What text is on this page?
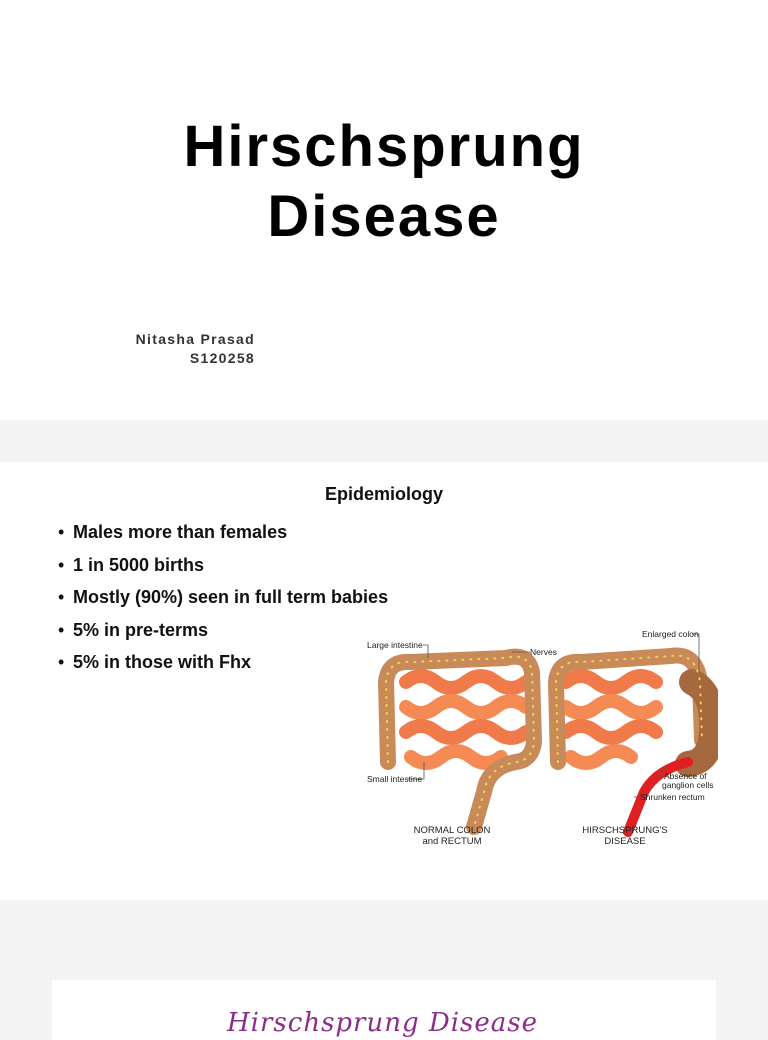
Hirschsprung
Disease
Nitasha Prasad
S120258
Epidemiology
• Males more than females
• 1 in 5000 births
• Mostly (90%) seen in full term babies
• 5% in pre-terms
• 5% in those with Fhx
Large intestine
Nerves
Small intestine
Enlarged colon
Absence of
ganglion cells
Shrunken rectum
NORMAL COLON
and RECTUM
HIRSCHSPRUNG'S
DISEASE
Hirschsprung Disease
